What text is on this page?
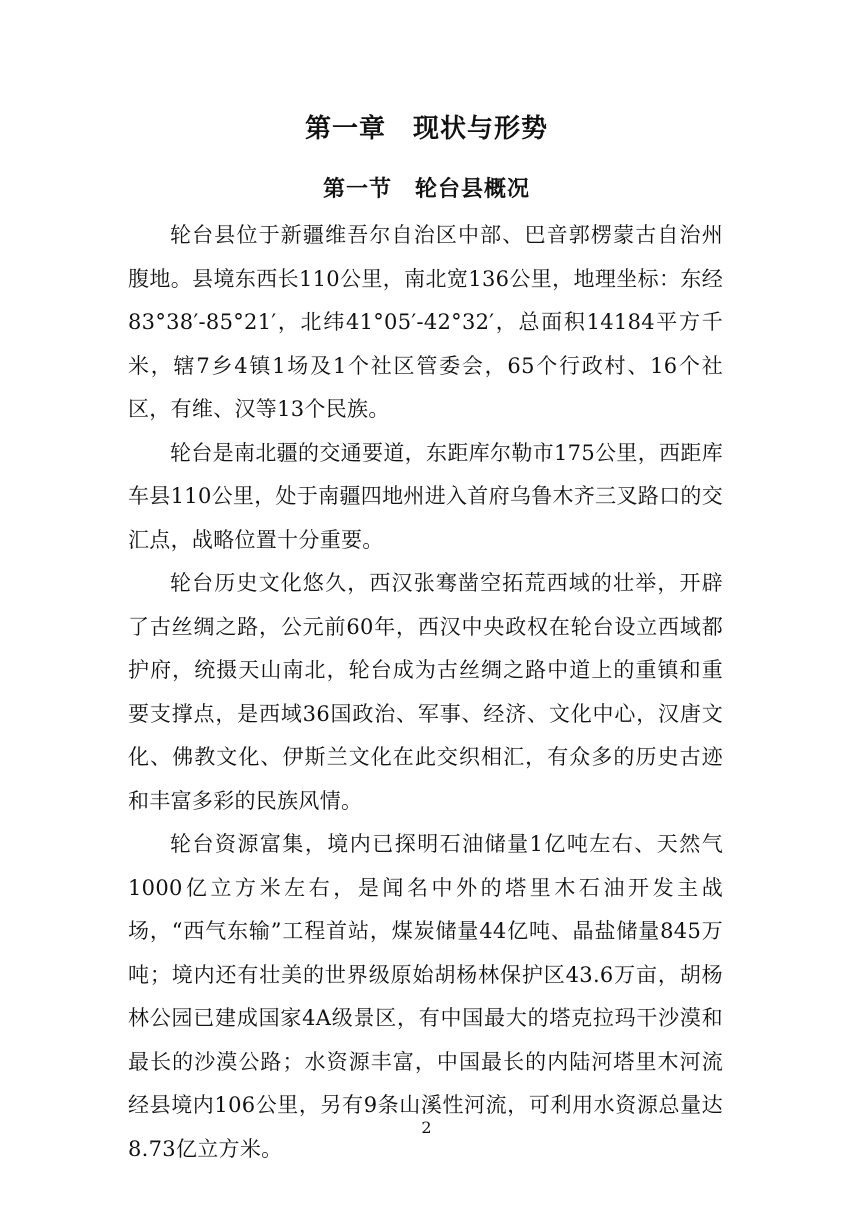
第一章　现状与形势
第一节　轮台县概况

轮台县位于新疆维吾尔自治区中部、巴音郭楞蒙古自治州腹地。县境东西长110公里，南北宽136公里，地理坐标：东经83°38′-85°21′，北纬41°05′-42°32′，总面积14184平方千米，辖7乡4镇1场及1个社区管委会，65个行政村、16个社区，有维、汉等13个民族。

轮台是南北疆的交通要道，东距库尔勒市175公里，西距库车县110公里，处于南疆四地州进入首府乌鲁木齐三叉路口的交汇点，战略位置十分重要。

轮台历史文化悠久，西汉张骞凿空拓荒西域的壮举，开辟了古丝绸之路，公元前60年，西汉中央政权在轮台设立西域都护府，统摄天山南北，轮台成为古丝绸之路中道上的重镇和重要支撑点，是西域36国政治、军事、经济、文化中心，汉唐文化、佛教文化、伊斯兰文化在此交织相汇，有众多的历史古迹和丰富多彩的民族风情。

轮台资源富集，境内已探明石油储量1亿吨左右、天然气1000亿立方米左右，是闻名中外的塔里木石油开发主战场，“西气东输”工程首站，煤炭储量44亿吨、晶盐储量845万吨；境内还有壮美的世界级原始胡杨林保护区43.6万亩，胡杨林公园已建成国家4A级景区，有中国最大的塔克拉玛干沙漠和最长的沙漠公路；水资源丰富，中国最长的内陆河塔里木河流经县境内106公里，另有9条山溪性河流，可利用水资源总量达8.73亿立方米。

2
